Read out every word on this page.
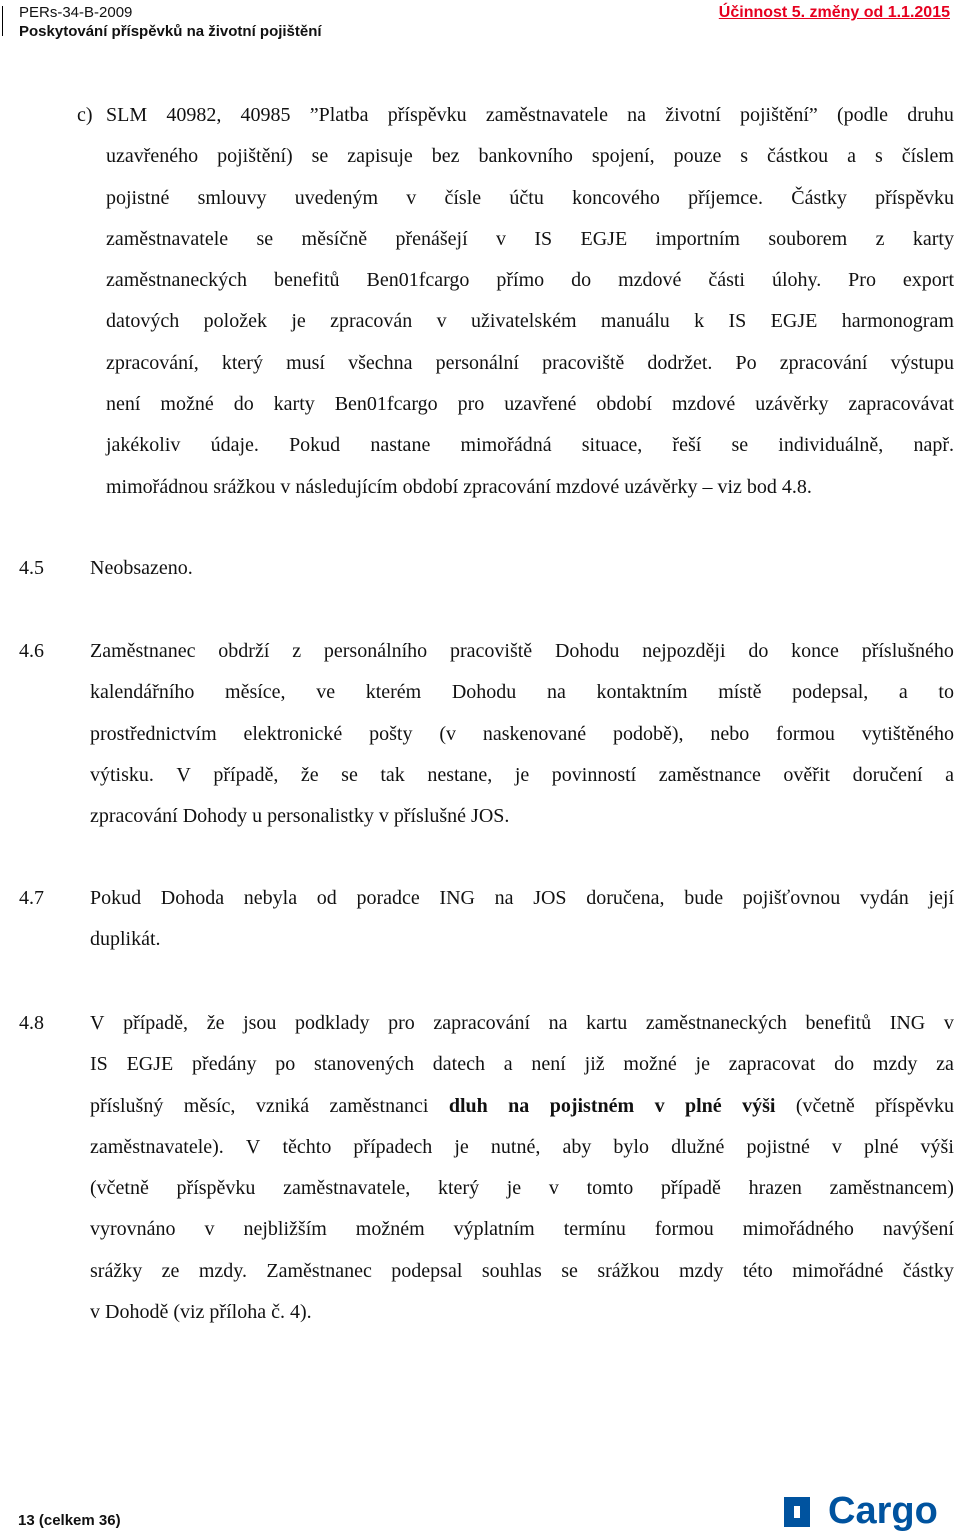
PERs-34-B-2009
Poskytování příspěvků na životní pojištění
Účinnost 5. změny od 1.1.2015
c) SLM 40982, 40985 ”Platba příspěvku zaměstnavatele na životní pojištění” (podle druhu
uzavřeného pojištění) se zapisuje bez bankovního spojení, pouze s částkou a s číslem
pojistné smlouvy uvedeným v čísle účtu koncového příjemce. Částky příspěvku
zaměstnavatele se měsíčně přenášejí v IS EGJE importním souborem z karty
zaměstnaneckých benefitů Ben01fcargo přímo do mzdové části úlohy. Pro export
datových položek je zpracován v uživatelském manuálu k IS EGJE harmonogram
zpracování, který musí všechna personální pracoviště dodržet. Po zpracování výstupu
není možné do karty Ben01fcargo pro uzavřené období mzdové uzávěrky zapracovávat
jakékoliv údaje. Pokud nastane mimořádná situace, řeší se individuálně, např.
mimořádnou srážkou v následujícím období zpracování mzdové uzávěrky – viz bod 4.8.
4.5 Neobsazeno.
4.6 Zaměstnanec obdrží z personálního pracoviště Dohodu nejpozději do konce příslušného
kalendářního měsíce, ve kterém Dohodu na kontaktním místě podepsal, a to
prostřednictvím elektronické pošty (v naskenované podobě), nebo formou vytištěného
výtisku. V případě, že se tak nestane, je povinností zaměstnance ověřit doručení a
zpracování Dohody u personalistky v příslušné JOS.
4.7 Pokud Dohoda nebyla od poradce ING na JOS doručena, bude pojišťovnou vydán její
duplikát.
4.8 V případě, že jsou podklady pro zapracování na kartu zaměstnaneckých benefitů ING v
IS EGJE předány po stanovených datech a není již možné je zapracovat do mzdy za
příslušný měsíc, vzniká zaměstnanci dluh na pojistném v plné výši (včetně příspěvku
zaměstnavatele). V těchto případech je nutné, aby bylo dlužné pojistné v plné výši
(včetně příspěvku zaměstnavatele, který je v tomto případě hrazen zaměstnancem)
vyrovnáno v nejbližším možném výplatním termínu formou mimořádného navýšení
srážky ze mzdy. Zaměstnanec podepsal souhlas se srážkou mzdy této mimořádné částky
v Dohodě (viz příloha č. 4).
13 (celkem 36)	Cargo
